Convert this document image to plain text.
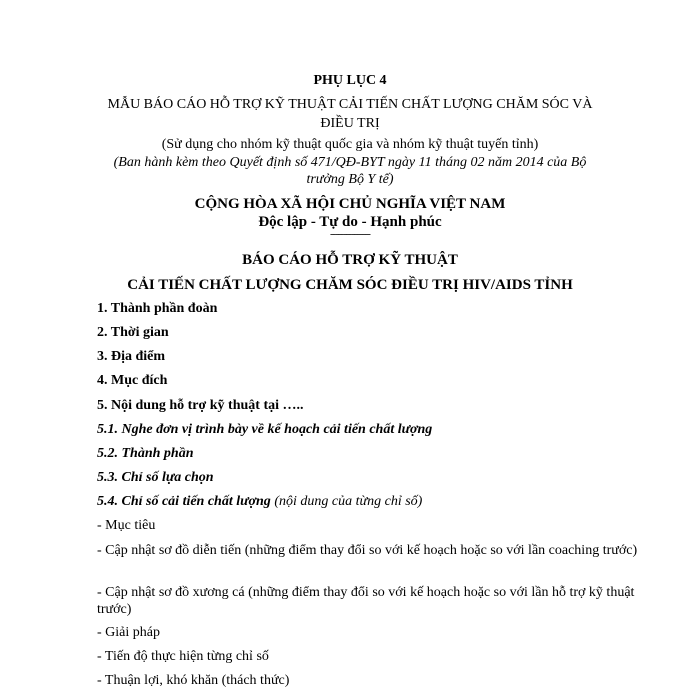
PHỤ LỤC 4
MẪU BÁO CÁO HỖ TRỢ KỸ THUẬT CẢI TIẾN CHẤT LƯỢNG CHĂM SÓC VÀ
ĐIỀU TRỊ
(Sử dụng cho nhóm kỹ thuật quốc gia và nhóm kỹ thuật tuyến tỉnh)
(Ban hành kèm theo Quyết định số 471/QĐ-BYT ngày 11 tháng 02 năm 2014 của Bộ
trưởng Bộ Y tế)
CỘNG HÒA XÃ HỘI CHỦ NGHĨA VIỆT NAM
Độc lập - Tự do - Hạnh phúc
---------------
BÁO CÁO HỖ TRỢ KỸ THUẬT
CẢI TIẾN CHẤT LƯỢNG CHĂM SÓC ĐIỀU TRỊ HIV/AIDS TỈNH
1. Thành phần đoàn
2. Thời gian
3. Địa điểm
4. Mục đích
5. Nội dung hỗ trợ kỹ thuật tại …..
5.1. Nghe đơn vị trình bày về kế hoạch cải tiến chất lượng
5.2. Thành phần
5.3. Chỉ số lựa chọn
5.4. Chỉ số cải tiến chất lượng (nội dung của từng chỉ số)
- Mục tiêu
- Cập nhật sơ đồ diễn tiến (những điểm thay đổi so với kế hoạch hoặc so với lần coaching trước)
- Cập nhật sơ đồ xương cá (những điểm thay đổi so với kế hoạch hoặc so với lần hỗ trợ kỹ thuật trước)
- Giải pháp
- Tiến độ thực hiện từng chỉ số
- Thuận lợi, khó khăn (thách thức)
